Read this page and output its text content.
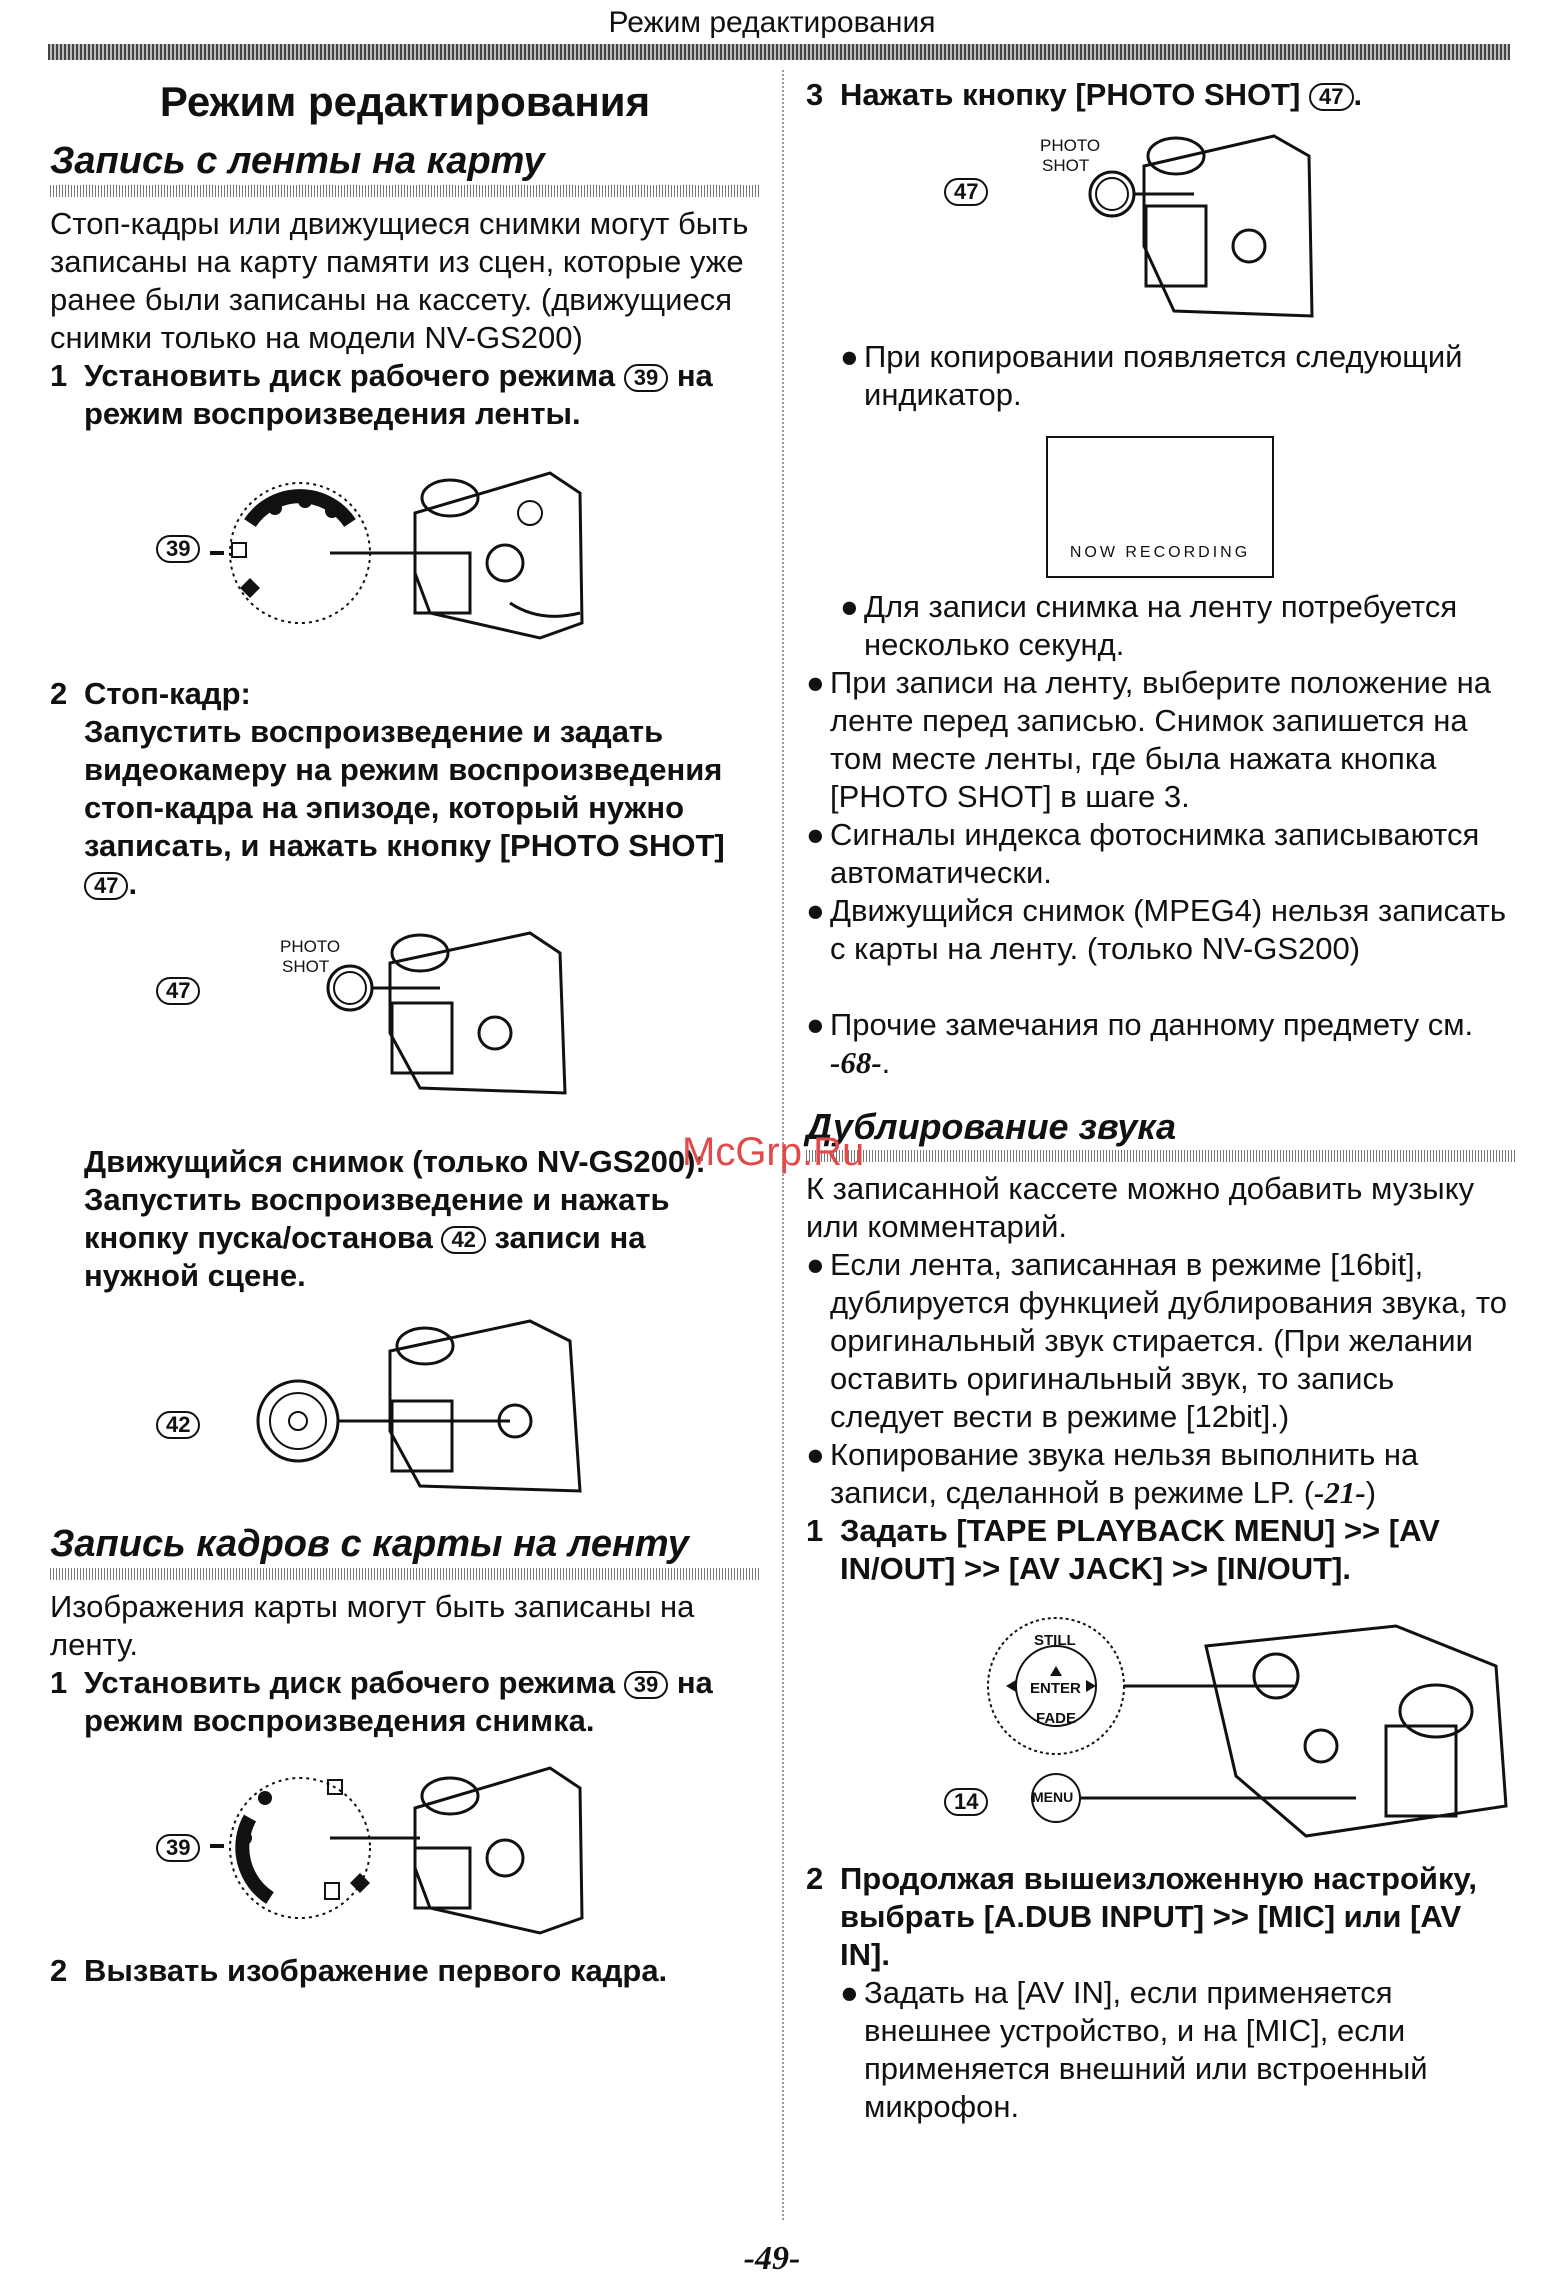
Режим редактирования
Режим редактирования
Запись с ленты на карту
Стоп-кадры или движущиеся снимки могут быть записаны на карту памяти из сцен, которые уже ранее были записаны на кассету. (движущиеся снимки только на модели NV-GS200)
1 Установить диск рабочего режима 39 на режим воспроизведения ленты.
39
2 Стоп-кадр:
Запустить воспроизведение и задать видеокамеру на режим воспроизведения стоп-кадра на эпизоде, который нужно записать, и нажать кнопку [PHOTO SHOT] 47 .
47
PHOTO
SHOT
Движущийся снимок (только NV-GS200):
Запустить воспроизведение и нажать кнопку пуска/останова 42 записи на нужной сцене.
42
Запись кадров с карты на ленту
Изображения карты могут быть записаны на ленту.
1 Установить диск рабочего режима 39 на режим воспроизведения снимка.
39
2 Вызвать изображение первого кадра.
3 Нажать кнопку [PHOTO SHOT] 47 .
47
PHOTO
SHOT
● При копировании появляется следующий индикатор.
NOW RECORDING
● Для записи снимка на ленту потребуется несколько секунд.
● При записи на ленту, выберите положение на ленте перед записью. Снимок запишется на том месте ленты, где была нажата кнопка [PHOTO SHOT] в шаге 3.
● Сигналы индекса фотоснимка записываются автоматически.
● Движущийся снимок (MPEG4) нельзя записать с карты на ленту. (только NV-GS200)
● Прочие замечания по данному предмету см.
-68-.
Дублирование звука
К записанной кассете можно добавить музыку или комментарий.
● Если лента, записанная в режиме [16bit], дублируется функцией дублирования звука, то оригинальный звук стирается. (При желании оставить оригинальный звук, то запись следует вести в режиме [12bit].)
● Копирование звука нельзя выполнить на записи, сделанной в режиме LP. (-21-)
1 Задать [TAPE PLAYBACK MENU] >> [AV IN/OUT] >> [AV JACK] >> [IN/OUT].
14
STILL
ENTER
FADE
MENU
2 Продолжая вышеизложенную настройку, выбрать [A.DUB INPUT] >> [MIC] или [AV IN].
● Задать на [AV IN], если применяется внешнее устройство, и на [MIC], если применяется внешний или встроенный микрофон.
McGrp.Ru
-49-
